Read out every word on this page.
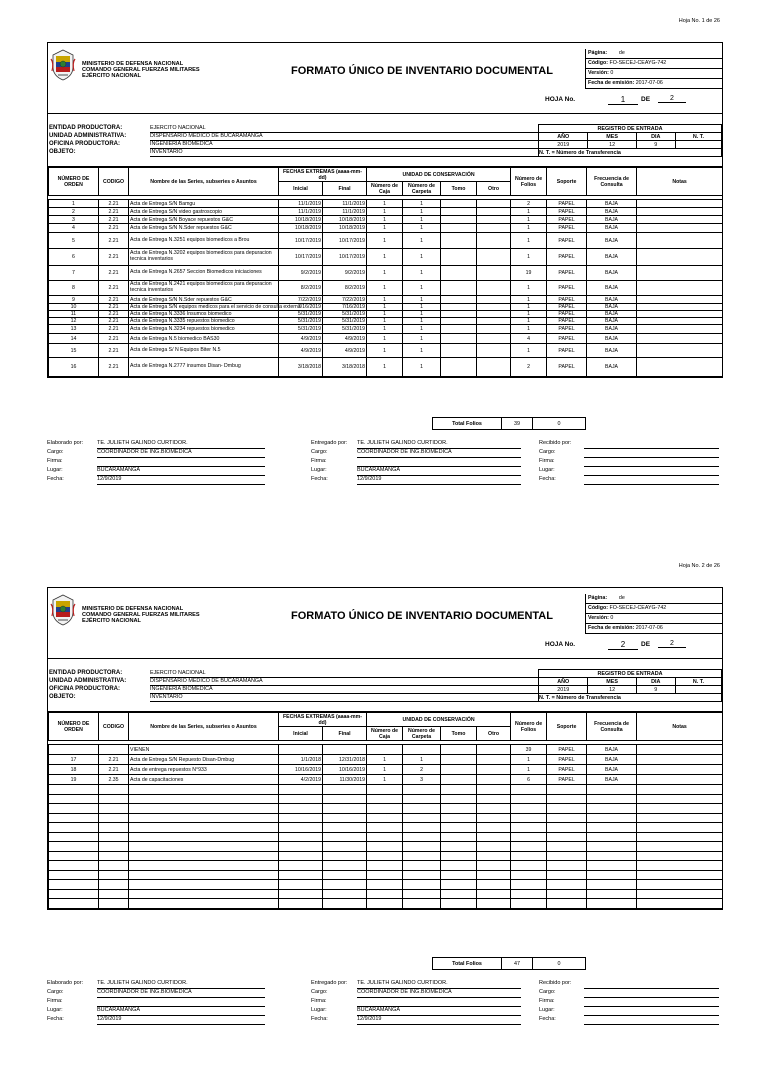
Hoja No. 1 de 26
MINISTERIO DE DEFENSA NACIONAL
COMANDO GENERAL FUERZAS MILITARES
EJÉRCITO NACIONAL	FORMATO ÚNICO DE INVENTARIO DOCUMENTAL
Página: de
Código: FO-SECEJ-CEAYG-742
Versión: 0
Fecha de emisión: 2017-07-06
HOJA No.	1	DE	2
ENTIDAD PRODUCTORA:	EJERCITO NACIONAL
UNIDAD ADMINISTRATIVA:	DISPENSARIO MEDICO DE BUCARAMANGA
OFICINA PRODUCTORA:	INGENIERIA BIOMEDICA
OBJETO:	INVENTARIO
REGISTRO DE ENTRADA			
AÑO	MES	DIA	N. T.
2019	12	9	
N. T. = Número de Transferencia			
NÚMERO DE ORDEN	CODIGO	Nombre de las Series, subseries o Asuntos	FECHAS EXTREMAS (aaaa-mm-dd)		UNIDAD DE CONSERVACIÓN				Número de Folios	Soporte	Frecuencia de Consulta	Notas
			Inicial	Final	Número de Caja	Número de Carpeta	Tomo	Otro				

1	2.21	Acta de Entrega S/N Bamgu	11/1/2019	11/1/2019	1	1			2	PAPEL	BAJA	
2	2.21	Acta de Entrega S/N video gastroscopio	11/1/2019	11/1/2019	1	1			1	PAPEL	BAJA	
3	2.21	Acta de Entrega S/N Boyace repuestos G&C	10/18/2019	10/18/2019	1	1			1	PAPEL	BAJA	
4	2.21	Acta de Entrega S/N N.Sder repuestos G&C	10/18/2019	10/18/2019	1	1			1	PAPEL	BAJA	
5	2.21	Acta de Entrega N.3251 equipos biomedicos a Brou	10/17/2019	10/17/2019	1	1			1	PAPEL	BAJA	
6	2.21	Acta de Entrega N.3202 equipos biomedicos para depuracion tecnica inventarios	10/17/2019	10/17/2019	1	1			1	PAPEL	BAJA	
7	2.21	Acta de Entrega N.2657 Seccion Biomedicos iniciaciones	9/2/2019	9/2/2019	1	1			19	PAPEL	BAJA	
8	2.21	Acta de Entrega N.2421 equipos biomedicos para depuracion tecnica inventarios	8/2/2019	8/2/2019	1	1			1	PAPEL	BAJA	
9	2.21	Acta de Entrega S/N N.Sder repuestos G&C	7/22/2019	7/22/2019	1	1			1	PAPEL	BAJA	
10	2.21	Acta de Entrega S/N equipos medicos para el servicio de consulta externa	7/16/2019	7/16/2019	1	1			1	PAPEL	BAJA	
11	2.21	Acta de Entrega N.3336 Insumos biomedico	5/31/2019	5/31/2019	1	1			1	PAPEL	BAJA	
12	2.21	Acta de Entrega N.3335 repuestos biomedico	5/31/2019	5/31/2019	1	1			1	PAPEL	BAJA	
13	2.21	Acta de Entrega N.3234 repuestos biomedico	5/31/2019	5/31/2019	1	1			1	PAPEL	BAJA	
14	2.21	Acta de Entrega N.5 biomedico BAS30	4/9/2019	4/9/2019	1	1			4	PAPEL	BAJA	
15	2.21	Acta de Entrega S/ N Equipos Biter N.5	4/9/2019	4/9/2019	1	1			1	PAPEL	BAJA	
16	2.21	Acta de Entrega N.2777 insumos Disan- Dmbug	3/18/2018	3/18/2018	1	1			2	PAPEL	BAJA	
Total Folios	39	0
Elaborado por:	TE. JULIETH GALINDO CURTIDOR.	Entregado por: TE. JULIETH GALINDO CURTIDOR.	Recibido por:
Cargo:	COORDINADOR DE ING.BIOMEDICA	Cargo:	COORDINADOR DE ING.BIOMEDICA	Cargo:
Firma:	Firma:	Firma:
Lugar:	BUCARAMANGA	Lugar:	BUCARAMANGA	Lugar:
Fecha:	12/9/2019	Fecha:	12/9/2019	Fecha:
Hoja No. 2 de 26
MINISTERIO DE DEFENSA NACIONAL
COMANDO GENERAL FUERZAS MILITARES
EJÉRCITO NACIONAL	FORMATO ÚNICO DE INVENTARIO DOCUMENTAL
Página: de
Código: FO-SECEJ-CEAYG-742
Versión: 0
Fecha de emisión: 2017-07-06
HOJA No.	2	DE	2
ENTIDAD PRODUCTORA:	EJERCITO NACIONAL
UNIDAD ADMINISTRATIVA:	DISPENSARIO MEDICO DE BUCARAMANGA
OFICINA PRODUCTORA:	INGENIERIA BIOMEDICA
OBJETO:	INVENTARIO
REGISTRO DE ENTRADA			
AÑO	MES	DIA	N. T.
2019	12	9	
N. T. = Número de Transferencia			
NÚMERO DE ORDEN	CODIGO	Nombre de las Series, subseries o Asuntos	FECHAS EXTREMAS (aaaa-mm-dd)		UNIDAD DE CONSERVACIÓN				Número de Folios	Soporte	Frecuencia de Consulta	Notas
			Inicial	Final	Número de Caja	Número de Carpeta	Tomo	Otro				

		VIENEN							39	PAPEL	BAJA	
17	2.21	Acta de Entrega S/N Repuesto Disan-Dmbug	1/1/2018	12/31/2018	1	1			1	PAPEL	BAJA	
18	2.21	Acta de entrega repuestos N°933	10/16/2019	10/16/2019	1	2			1	PAPEL	BAJA	
19	2.35	Acta de capacitaciones	4/2/2019	11/30/2019	1	3			6	PAPEL	BAJA	

Total Folios	47	0
Elaborado por:	TE. JULIETH GALINDO CURTIDOR.	Entregado por: TE. JULIETH GALINDO CURTIDOR.	Recibido por:
Cargo:	COORDINADOR DE ING.BIOMEDICA	Cargo:	COORDINADOR DE ING.BIOMEDICA	Cargo:
Firma:	Firma:	Firma:
Lugar:	BUCARAMANGA	Lugar:	BUCARAMANGA	Lugar:
Fecha:	12/9/2019	Fecha:	12/9/2019	Fecha:
